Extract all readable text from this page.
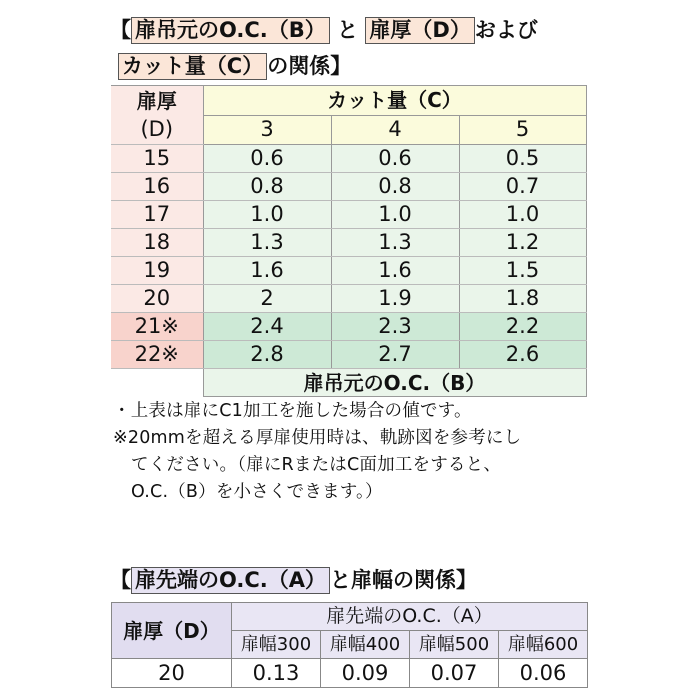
【 扉吊元のO.C.（B） と 扉厚（D） および
カット量（C） の関係】
扉厚	カット量（C）		
(D)	3	4	5
15	0.6	0.6	0.5
16	0.8	0.8	0.7
17	1.0	1.0	1.0
18	1.3	1.3	1.2
19	1.6	1.6	1.5
20	2	1.9	1.8
21※	2.4	2.3	2.2
22※	2.8	2.7	2.6
	扉吊元のO.C.（B）		
・上表は扉にC1加工を施した場合の値です。
※20mmを超える厚扉使用時は、軌跡図を参考にし
てください。（扉にRまたはC面加工をすると、
O.C.（B）を小さくできます。）
【 扉先端のO.C.（A） と扉幅の関係】
扉厚（D）	扉先端のO.C.（A）			
	扉幅300	扉幅400	扉幅500	扉幅600
20	0.13	0.09	0.07	0.06
